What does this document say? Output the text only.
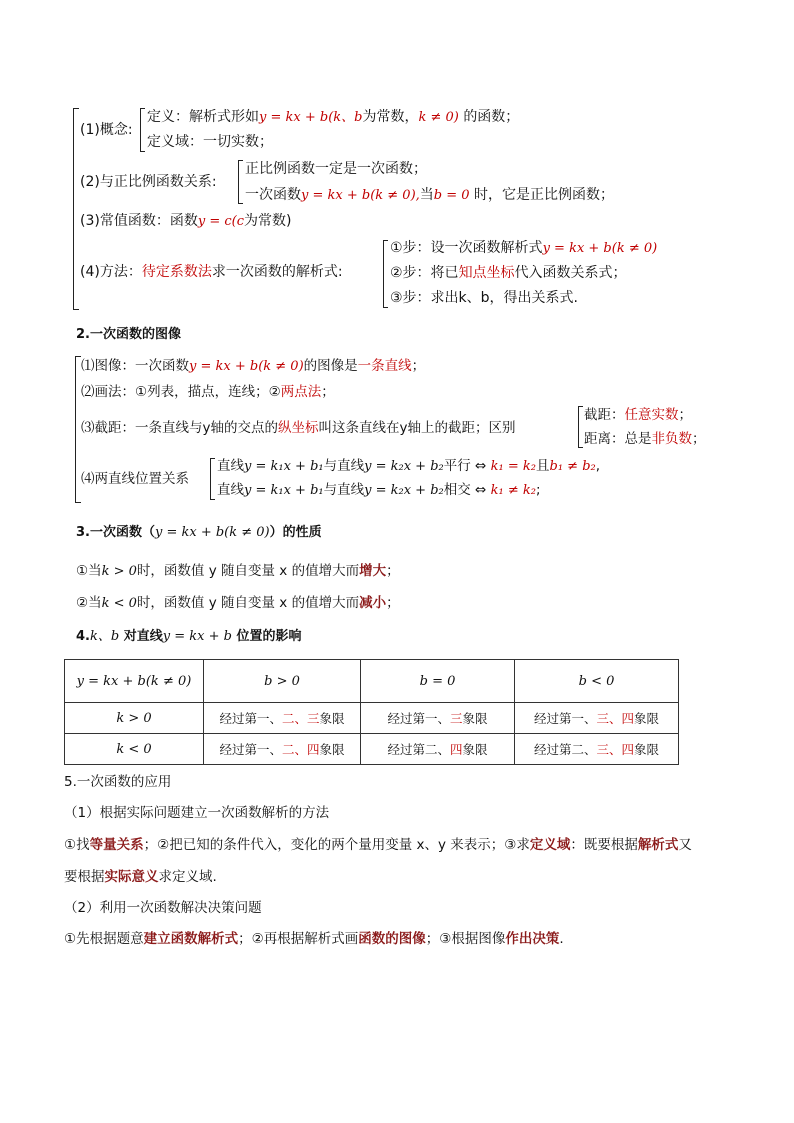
(1)概念:
定义：解析式形如y = kx + b(k、b为常数，k ≠ 0) 的函数；
定义域：一切实数；
(2)与正比例函数关系:
正比例函数一定是一次函数；
一次函数y = kx + b(k ≠ 0),当b = 0 时，它是正比例函数；
(3)常值函数：函数y = c(c为常数)
(4)方法：待定系数法求一次函数的解析式:
①步：设一次函数解析式y = kx + b(k ≠ 0)
②步：将已知点坐标代入函数关系式；
③步：求出k、b，得出关系式.
2.一次函数的图像
⑴图像：一次函数y = kx + b(k ≠ 0)的图像是一条直线；
⑵画法：①列表，描点，连线；②两点法；
⑶截距：一条直线与y轴的交点的纵坐标叫这条直线在y轴上的截距；区别
截距：任意实数；
距离：总是非负数；
⑷两直线位置关系
直线y = k₁x + b₁与直线y = k₂x + b₂平行 ⇔ k₁ = k₂且b₁ ≠ b₂,
直线y = k₁x + b₁与直线y = k₂x + b₂相交 ⇔ k₁ ≠ k₂;
3.一次函数（y = kx + b(k ≠ 0)）的性质
①当k > 0时，函数值 y 随自变量 x 的值增大而增大；
②当k < 0时，函数值 y 随自变量 x 的值增大而减小；
4.k、b 对直线y = kx + b 位置的影响
y = kx + b(k ≠ 0)	b > 0	b = 0	b < 0
k > 0	经过第一、二、三象限	经过第一、三象限	经过第一、三、四象限
k < 0	经过第一、二、四象限	经过第二、四象限	经过第二、三、四象限
5.一次函数的应用
（1）根据实际问题建立一次函数解析的方法
①找等量关系；②把已知的条件代入，变化的两个量用变量 x、y 来表示；③求定义域：既要根据解析式又
要根据实际意义求定义域.
（2）利用一次函数解决决策问题
①先根据题意建立函数解析式；②再根据解析式画函数的图像；③根据图像作出决策.
